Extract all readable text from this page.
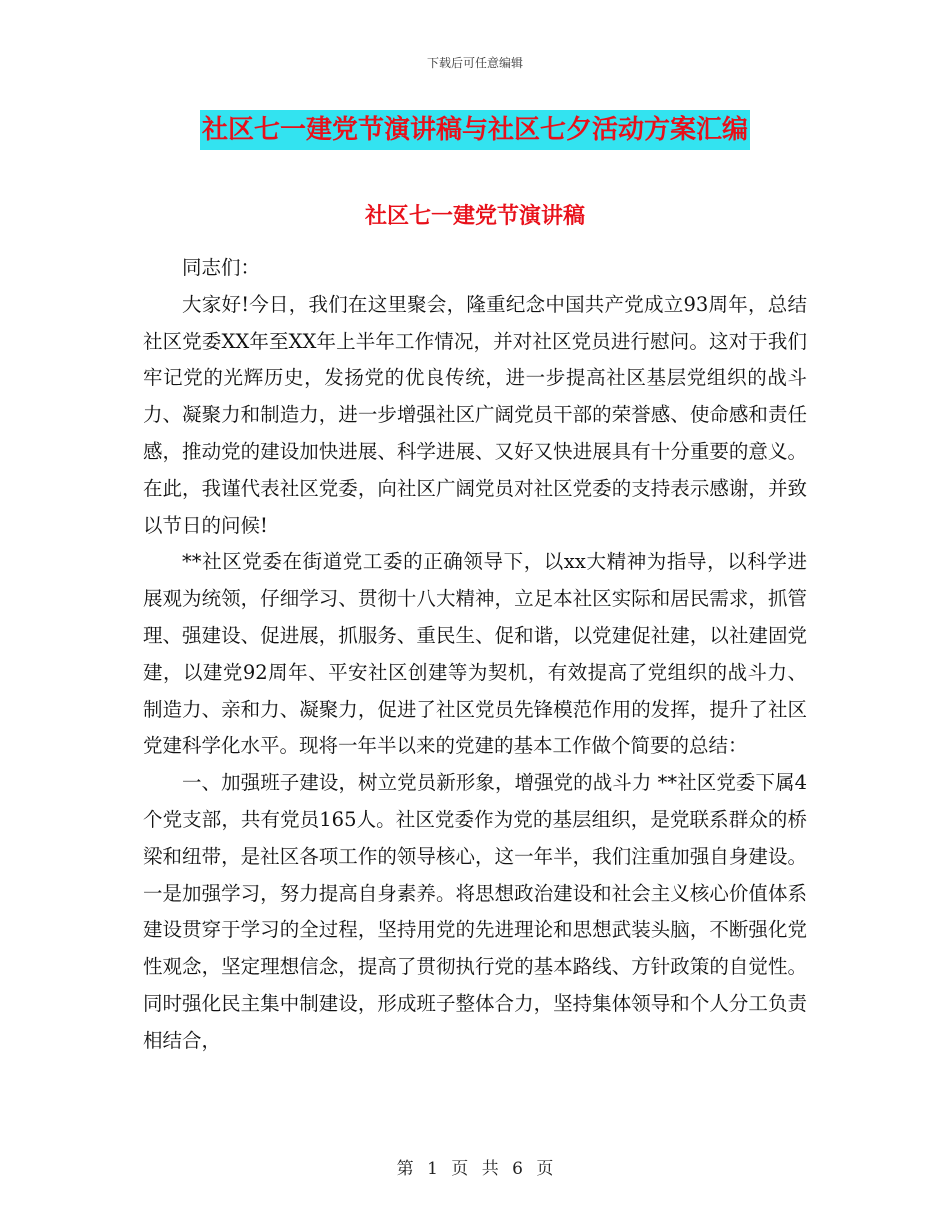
下载后可任意编辑
社区七一建党节演讲稿与社区七夕活动方案汇编
社区七一建党节演讲稿

同志们：

大家好!今日，我们在这里聚会，隆重纪念中国共产党成立93周年，总结社区党委XX年至XX年上半年工作情况，并对社区党员进行慰问。这对于我们牢记党的光辉历史，发扬党的优良传统，进一步提高社区基层党组织的战斗力、凝聚力和制造力，进一步增强社区广阔党员干部的荣誉感、使命感和责任感，推动党的建设加快进展、科学进展、又好又快进展具有十分重要的意义。在此，我谨代表社区党委，向社区广阔党员对社区党委的支持表示感谢，并致以节日的问候!

**社区党委在街道党工委的正确领导下，以xx大精神为指导，以科学进展观为统领，仔细学习、贯彻十八大精神，立足本社区实际和居民需求，抓管理、强建设、促进展，抓服务、重民生、促和谐，以党建促社建，以社建固党建，以建党92周年、平安社区创建等为契机，有效提高了党组织的战斗力、制造力、亲和力、凝聚力，促进了社区党员先锋模范作用的发挥，提升了社区党建科学化水平。现将一年半以来的党建的基本工作做个简要的总结：

一、加强班子建设，树立党员新形象，增强党的战斗力 **社区党委下属4个党支部，共有党员165人。社区党委作为党的基层组织，是党联系群众的桥梁和纽带，是社区各项工作的领导核心，这一年半，我们注重加强自身建设。一是加强学习，努力提高自身素养。将思想政治建设和社会主义核心价值体系建设贯穿于学习的全过程，坚持用党的先进理论和思想武装头脑，不断强化党性观念，坚定理想信念，提高了贯彻执行党的基本路线、方针政策的自觉性。同时强化民主集中制建设，形成班子整体合力，坚持集体领导和个人分工负责相结合，

第 1 页 共 6 页
